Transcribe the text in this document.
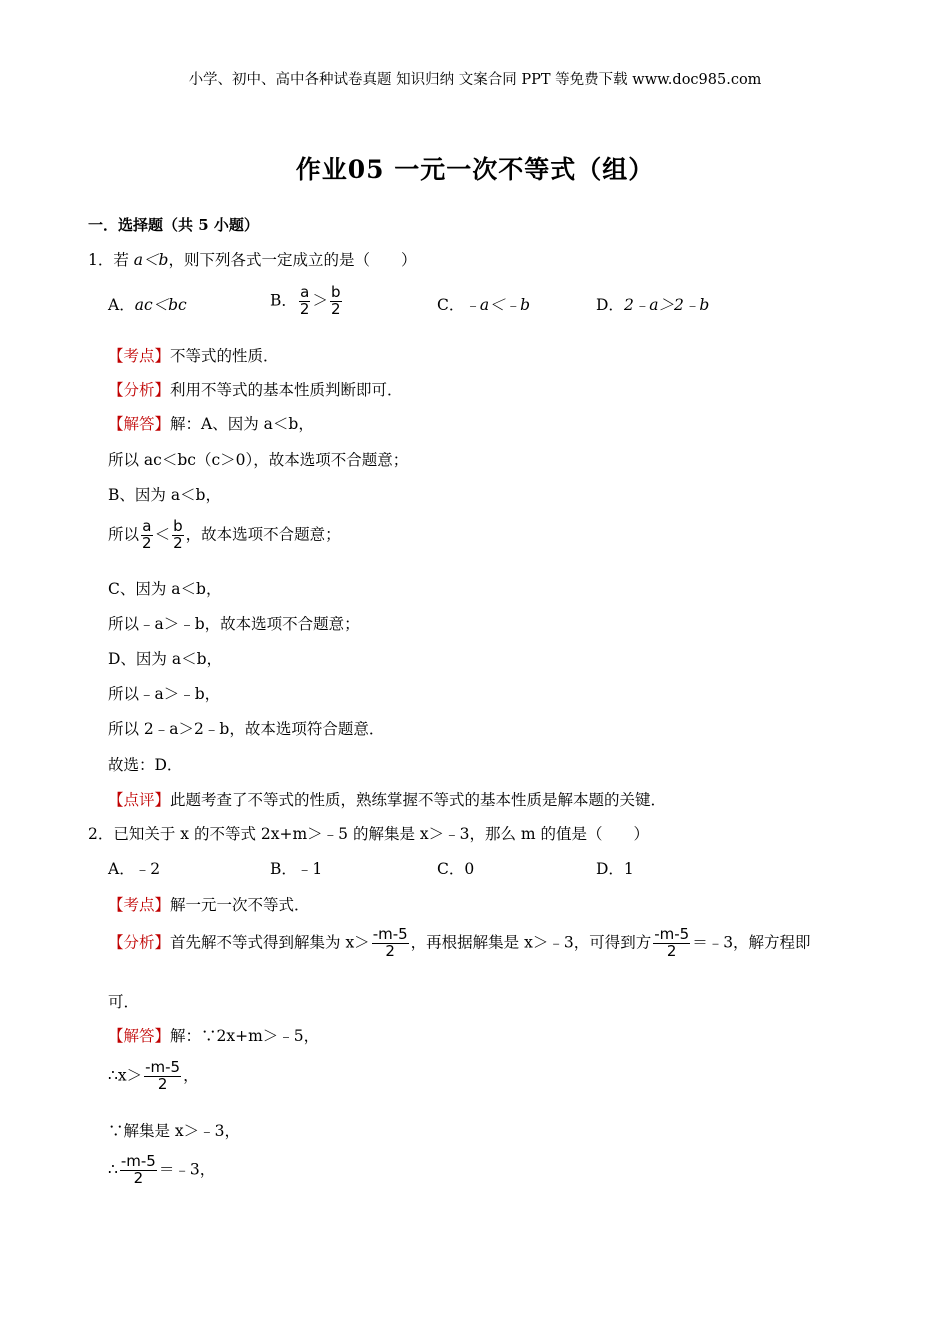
小学、初中、高中各种试卷真题 知识归纳 文案合同 PPT 等免费下载 www.doc985.com
作业05 一元一次不等式（组）
一．选择题（共 5 小题）
1．若 a＜b，则下列各式一定成立的是（　　）
A．ac＜bc	B． $\frac{a}{2} > \frac{b}{2}$	C．﹣a＜﹣b	D．2﹣a＞2﹣b
【考点】不等式的性质．
【分析】利用不等式的基本性质判断即可．
【解答】解：A、因为 a＜b，
所以 ac＜bc（c＞0），故本选项不合题意；
B、因为 a＜b，
所以 $\frac{a}{2} < \frac{b}{2}$ ，故本选项不合题意；
C、因为 a＜b，
所以﹣a＞﹣b，故本选项不合题意；
D、因为 a＜b，
所以﹣a＞﹣b，
所以 2﹣a＞2﹣b，故本选项符合题意．
故选：D．
【点评】此题考查了不等式的性质，熟练掌握不等式的基本性质是解本题的关键．
2．已知关于 x 的不等式 2x+m＞﹣5 的解集是 x＞﹣3，那么 m 的值是（　　）
A．﹣2	B．﹣1	C．0	D．1
【考点】解一元一次不等式．
【分析】首先解不等式得到解集为 $x> \frac{-m-5}{2}$ ，再根据解集是 x＞﹣3，可得到方 $\frac{-m-5}{2}$ ＝﹣3，解方程即
可．
【解答】解：∵2x+m＞﹣5，
∴x＞ $\frac{-m-5}{2}$ ，
∵解集是 x＞﹣3，
∴ $\frac{-m-5}{2}$ ＝﹣3，
